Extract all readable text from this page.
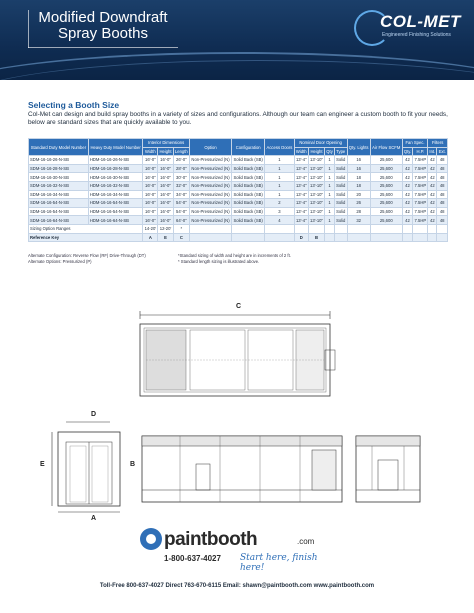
Modified Downdraft
Spray Booths
COL-MET
Engineered Finishing Solutions
Selecting a Booth Size
Col-Met can design and build spray booths in a variety of sizes and configurations. Although our team can engineer a custom booth to fit your needs, below are standard sizes that are quickly available to you.
Standard Duty Model Number	Heavy Duty Model Number	Interior Dimensions			Option	Configuration	Access Doors	Nominal Door Opening				Qty. Lights	Air Flow SCFM	Fan Spec.		Filters	
		Width	Height	Length				Width	Height	Qty	Type			Qty.	H.P.	Int.	Ext.
SDM-16-16-26-N-SB	HDM-16-16-26-N-SB	16'-0"	16'-0"	26'-0"	Non-Pressurized (N)	Solid Back (SB)	1	13'-4"	13'-10"	1	Solid	16	25,600	42	7.5HP	42	48
SDM-16-16-28-N-SB	HDM-16-16-28-N-SB	16'-0"	16'-0"	28'-0"	Non-Pressurized (N)	Solid Back (SB)	1	13'-4"	13'-10"	1	Solid	16	25,600	42	7.5HP	42	48
SDM-16-16-30-N-SB	HDM-16-16-30-N-SB	16'-0"	16'-0"	30'-0"	Non-Pressurized (N)	Solid Back (SB)	1	13'-4"	13'-10"	1	Solid	18	25,600	42	7.5HP	42	48
SDM-16-16-32-N-SB	HDM-16-16-32-N-SB	16'-0"	16'-0"	32'-0"	Non-Pressurized (N)	Solid Back (SB)	1	13'-4"	13'-10"	1	Solid	18	25,600	42	7.5HP	42	48
SDM-16-16-34-N-SB	HDM-16-16-34-N-SB	16'-0"	16'-0"	34'-0"	Non-Pressurized (N)	Solid Back (SB)	1	13'-4"	13'-10"	1	Solid	20	25,600	42	7.5HP	42	48
SDM-16-16-54-N-SB	HDM-16-16-54-N-SB	16'-0"	16'-0"	54'-0"	Non-Pressurized (N)	Solid Back (SB)	2	13'-4"	13'-10"	1	Solid	26	25,600	42	7.5HP	42	48
SDM-16-16-54-N-SB	HDM-16-16-54-N-SB	16'-0"	16'-0"	54'-0"	Non-Pressurized (N)	Solid Back (SB)	3	13'-4"	13'-10"	1	Solid	28	25,600	42	7.5HP	42	48
SDM-16-16-64-N-SB	HDM-16-16-64-N-SB	16'-0"	16'-0"	64'-0"	Non-Pressurized (N)	Solid Back (SB)	4	13'-4"	13'-10"	1	Solid	32	25,600	42	7.5HP	42	48
Sizing Option Ranges		14-20'	12-20'	*													
Reference Key		A	E	C				D	B								
Alternate Configuration: Reverse Flow (RF) Drive-Through (DT)
Alternate Options: Pressurized (P)
*Standard sizing of width and height are in increments of 2 ft.
* Standard length sizing is illustrated above.
C
D
E
A
B
paintbooth	.com
1-800-637-4027 Start here, finish here!
Toll-Free 800-637-4027 Direct 763-670-6115 Email: shawn@paintbooth.com www.paintbooth.com
